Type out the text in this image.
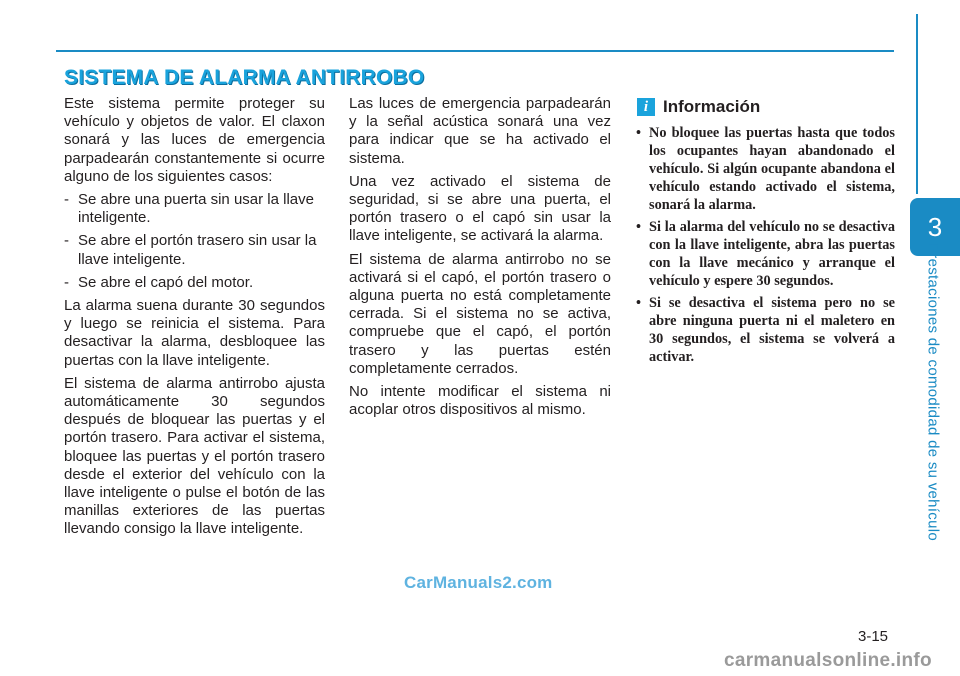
3
Prestaciones de comodidad de su vehículo
SISTEMA DE ALARMA ANTIRROBO

Este sistema permite proteger su vehículo y objetos de valor. El claxon sonará y las luces de emergencia parpadearán constantemente si ocurre alguno de los siguientes casos:

- Se abre una puerta sin usar la llave inteligente.
- Se abre el portón trasero sin usar la llave inteligente.
- Se abre el capó del motor.

La alarma suena durante 30 segundos y luego se reinicia el sistema. Para desactivar la alarma, desbloquee las puertas con la llave inteligente.

El sistema de alarma antirrobo ajusta automáticamente 30 segundos después de bloquear las puertas y el portón trasero. Para activar el sistema, bloquee las puertas y el portón trasero desde el exterior del vehículo con la llave inteligente o pulse el botón de las manillas exteriores de las puertas llevando consigo la llave inteligente.

Las luces de emergencia parpadearán y la señal acústica sonará una vez para indicar que se ha activado el sistema.

Una vez activado el sistema de seguridad, si se abre una puerta, el portón trasero o el capó sin usar la llave inteligente, se activará la alarma.

El sistema de alarma antirrobo no se activará si el capó, el portón trasero o alguna puerta no está completamente cerrada. Si el sistema no se activa, compruebe que el capó, el portón trasero y las puertas estén completamente cerrados.

No intente modificar el sistema ni acoplar otros dispositivos al mismo.

i Información
• No bloquee las puertas hasta que todos los ocupantes hayan abandonado el vehículo. Si algún ocupante abandona el vehículo estando activado el sistema, sonará la alarma.
• Si la alarma del vehículo no se desactiva con la llave inteligente, abra las puertas con la llave mecánico y arranque el vehículo y espere 30 segundos.
• Si se desactiva el sistema pero no se abre ninguna puerta ni el maletero en 30 segundos, el sistema se volverá a activar.
CarManuals2.com
3-15
carmanualsonline.info
